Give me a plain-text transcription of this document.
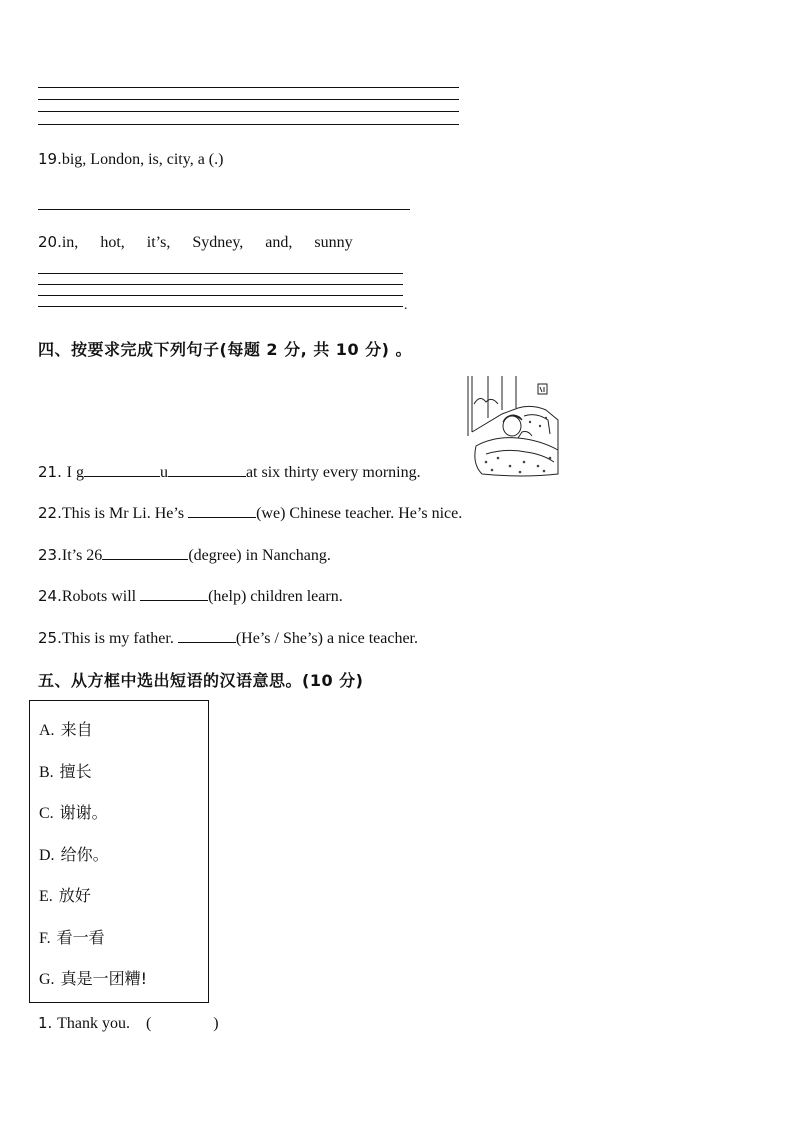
19.big, London, is, city, a (.)
20.in, hot, it’s, Sydney, and, sunny
.
四、按要求完成下列句子(每题 2 分, 共 10 分) 。
21. I g	u	at six thirty every morning.
22.This is Mr Li. He’s	(we) Chinese teacher. He’s nice.
23.It’s 26	(degree) in Nanchang.
24.Robots will	(help) children learn.
25.This is my father.	(He’s / She’s) a nice teacher.
五、从方框中选出短语的汉语意思。(10 分)
A. 来自
B. 擅长
C. 谢谢。
D. 给你。
E. 放好
F. 看一看
G. 真是一团糟!
1. Thank you. (	)
